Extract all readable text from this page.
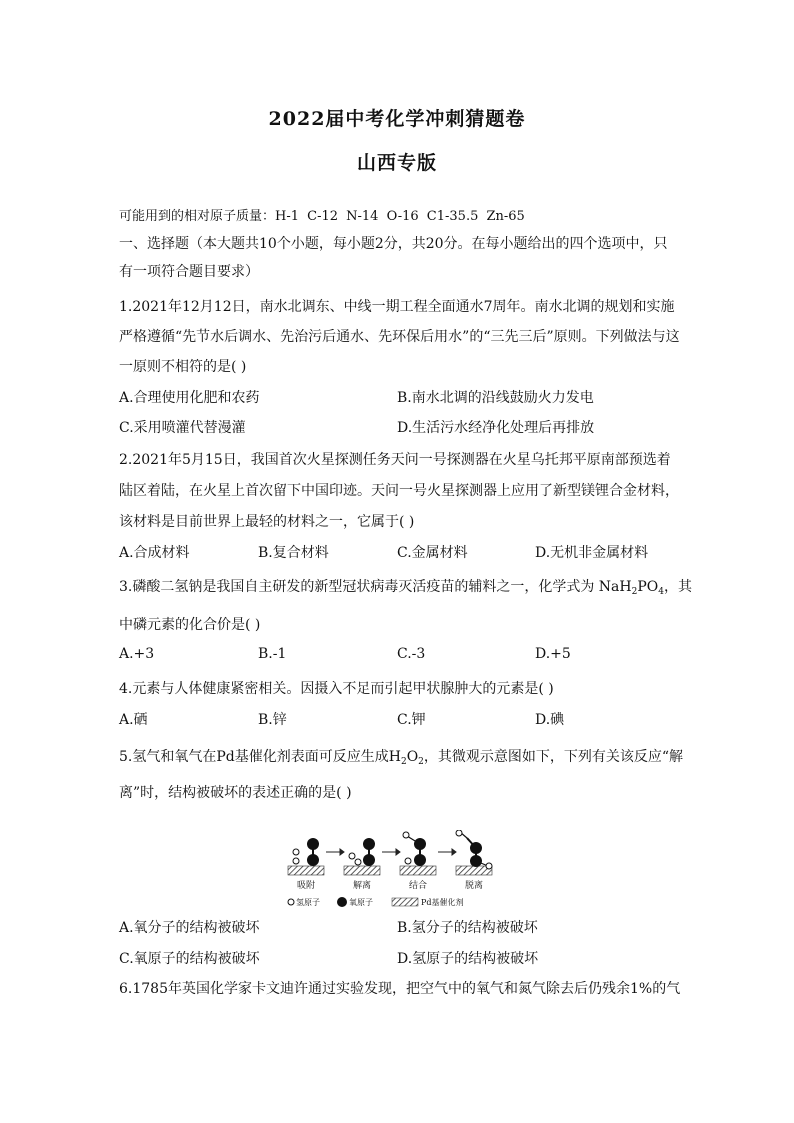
2022届中考化学冲刺猜题卷
山西专版
可能用到的相对原子质量：H-1 C-12 N-14 O-16 C1-35.5 Zn-65
一、选择题（本大题共10个小题，每小题2分，共20分。在每小题给出的四个选项中，只
有一项符合题目要求）
1.2021年12月12日，南水北调东、中线一期工程全面通水7周年。南水北调的规划和实施
严格遵循“先节水后调水、先治污后通水、先环保后用水”的“三先三后”原则。下列做法与这
一原则不相符的是( )
A.合理使用化肥和农药	B.南水北调的沿线鼓励火力发电
C.采用喷灌代替漫灌	D.生活污水经净化处理后再排放
2.2021年5月15日，我国首次火星探测任务天问一号探测器在火星乌托邦平原南部预选着
陆区着陆，在火星上首次留下中国印迹。天问一号火星探测器上应用了新型镁锂合金材料，
该材料是目前世界上最轻的材料之一，它属于( )
A.合成材料	B.复合材料	C.金属材料	D.无机非金属材料
3.磷酸二氢钠是我国自主研发的新型冠状病毒灭活疫苗的辅料之一，化学式为 $NaH_2PO_4$，其
中磷元素的化合价是( )
A.+3	B.-1	C.-3	D.+5
4.元素与人体健康紧密相关。因摄入不足而引起甲状腺肿大的元素是( )
A.硒	B.锌	C.钾	D.碘
5.氢气和氧气在Pd基催化剂表面可反应生成$H_2O_2$，其微观示意图如下，下列有关该反应“解
离”时，结构被破坏的表述正确的是( )
吸附	解离	结合	脱离
氢原子	氧原子	Pd基催化剂
A.氧分子的结构被破坏	B.氢分子的结构被破坏
C.氧原子的结构被破坏	D.氢原子的结构被破坏
6.1785年英国化学家卡文迪许通过实验发现，把空气中的氧气和氮气除去后仍残余1%的气
